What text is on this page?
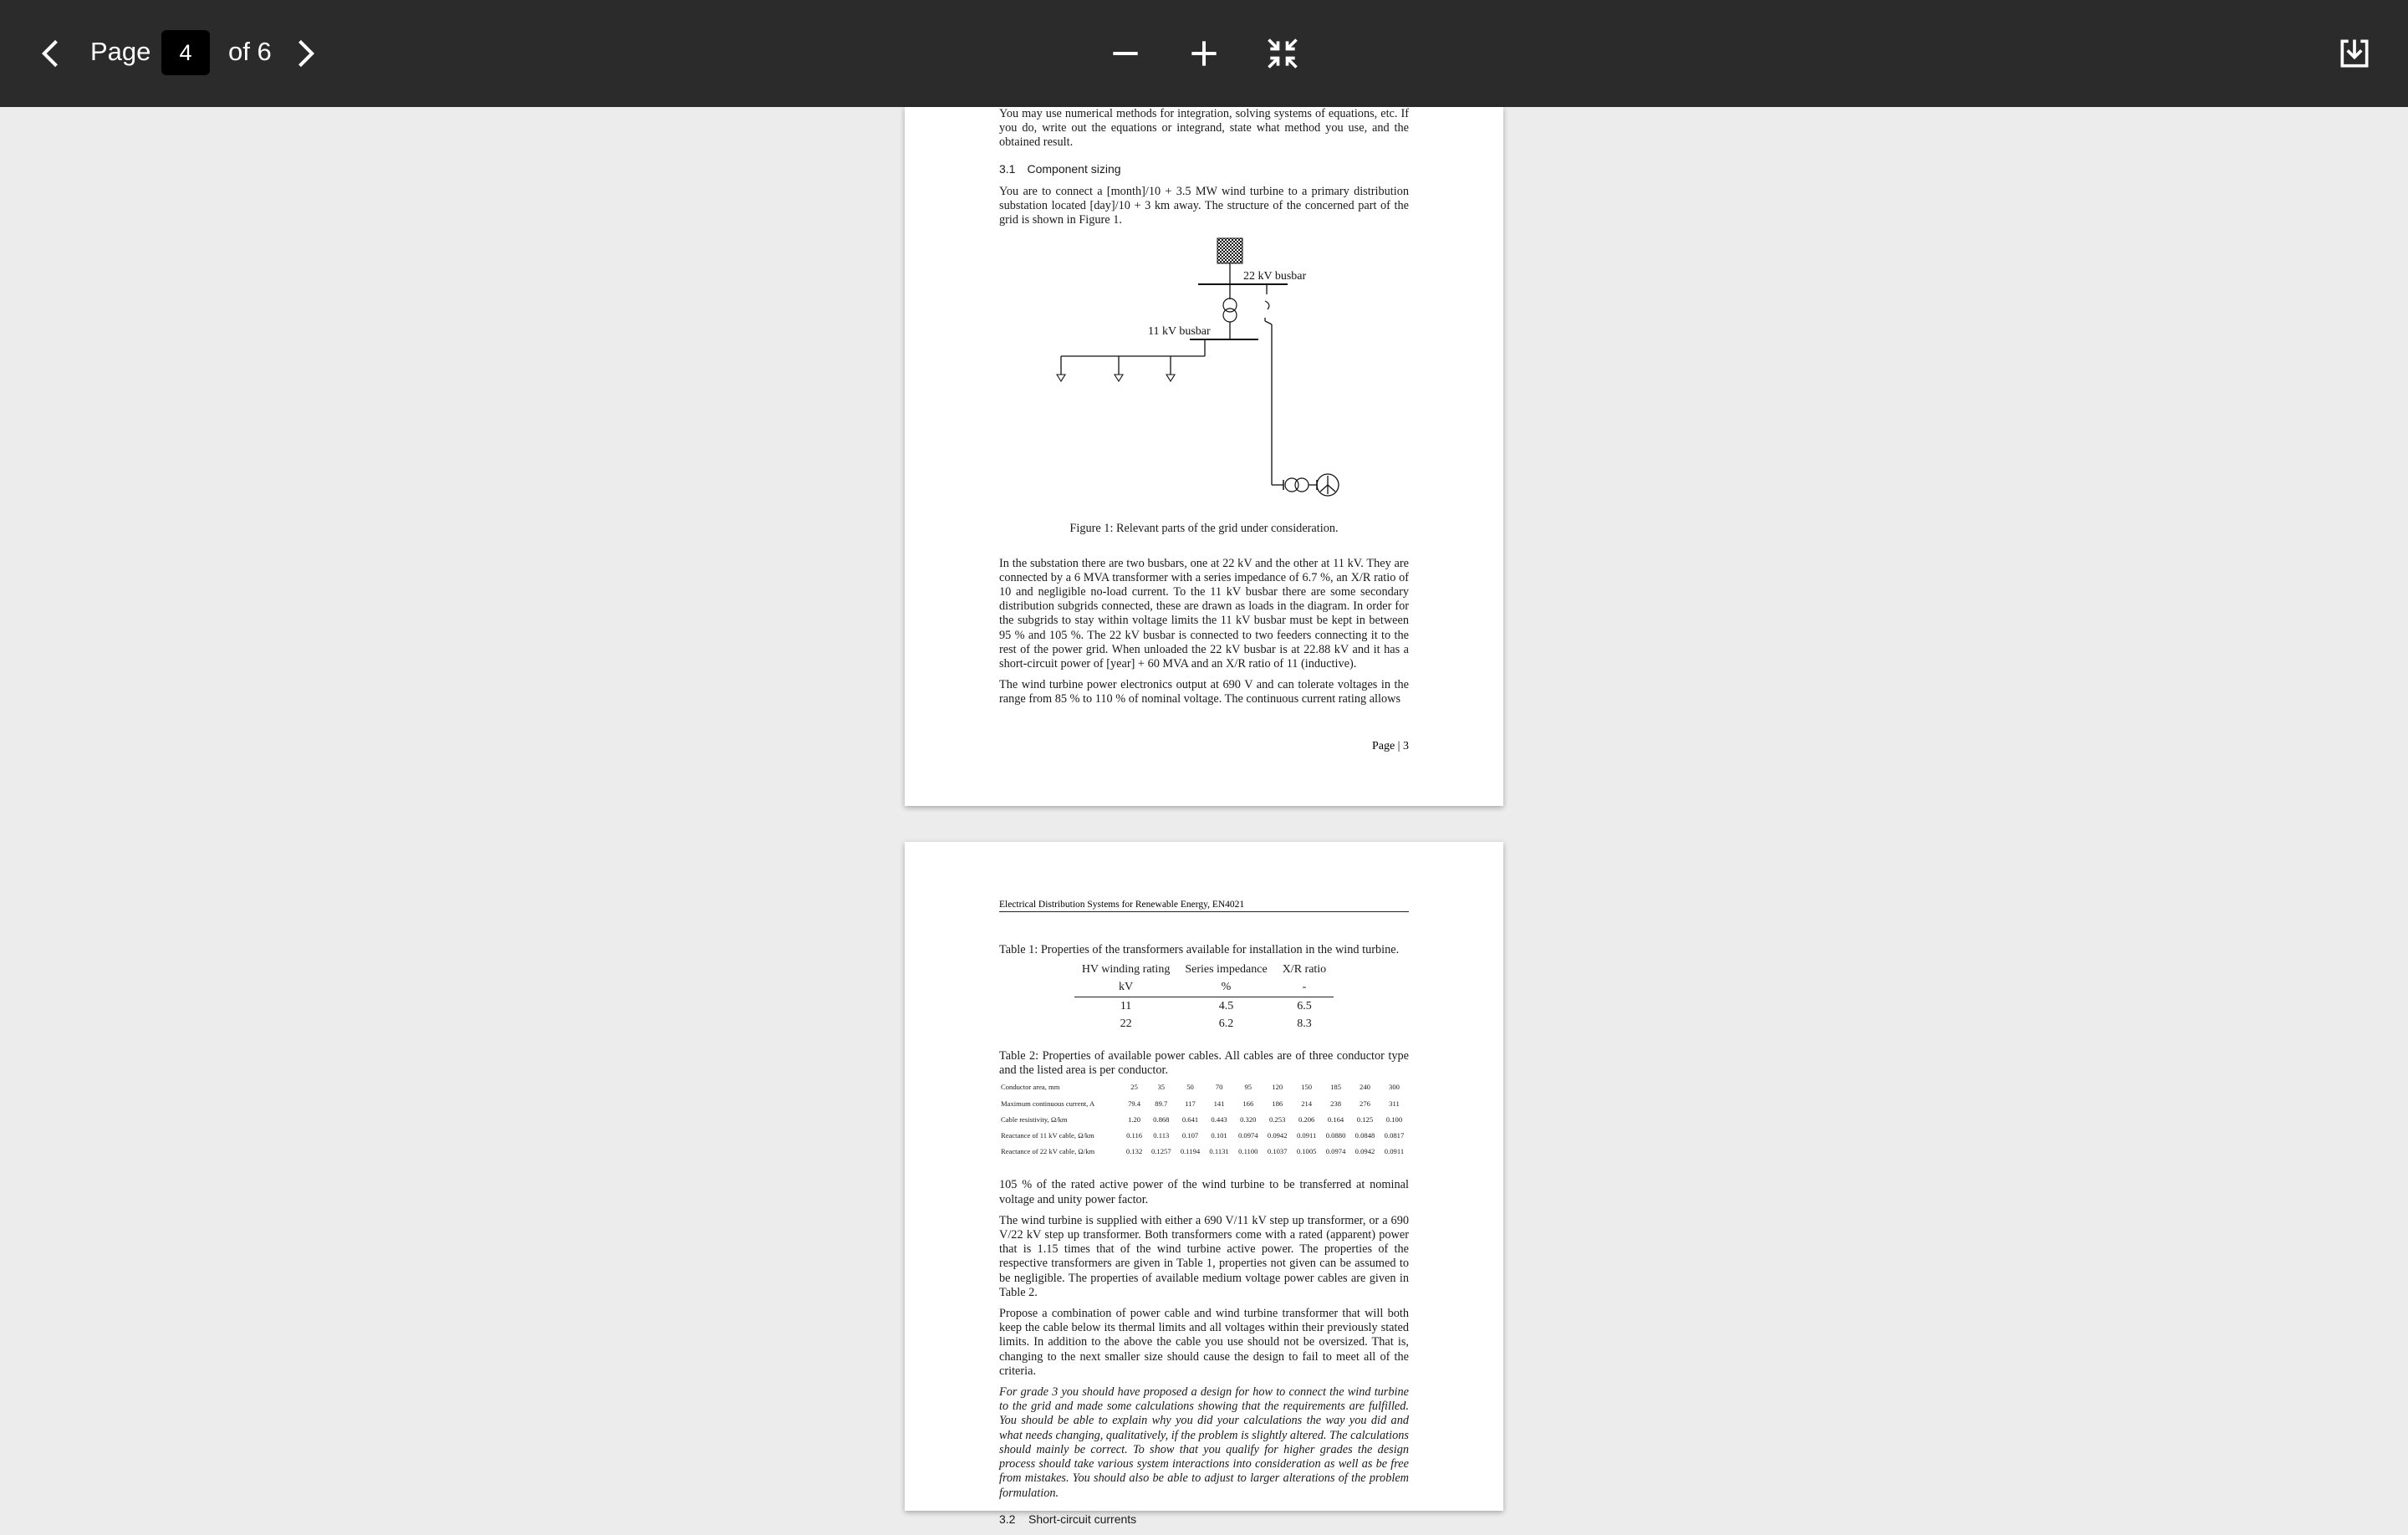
Page
4	of 6

You may use numerical methods for integration, solving systems of equations, etc. If you do, write out the equations or integrand, state what method you use, and the obtained result.

3.1 Component sizing

You are to connect a [month]/10 + 3.5 MW wind turbine to a primary distribution substation located [day]/10 + 3 km away. The structure of the concerned part of the grid is shown in Figure 1.

22 kV busbar
11 kV busbar

Figure 1: Relevant parts of the grid under consideration.

In the substation there are two busbars, one at 22 kV and the other at 11 kV. They are connected by a 6 MVA transformer with a series impedance of 6.7 %, an X/R ratio of 10 and negligible no-load current. To the 11 kV busbar there are some secondary distribution subgrids connected, these are drawn as loads in the diagram. In order for the subgrids to stay within voltage limits the 11 kV busbar must be kept in between 95 % and 105 %. The 22 kV busbar is connected to two feeders connecting it to the rest of the power grid. When unloaded the 22 kV busbar is at 22.88 kV and it has a short-circuit power of [year] + 60 MVA and an X/R ratio of 11 (inductive).

The wind turbine power electronics output at 690 V and can tolerate voltages in the range from 85 % to 110 % of nominal voltage. The continuous current rating allows

Page | 3
Electrical Distribution Systems for Renewable Energy, EN4021

Table 1: Properties of the transformers available for installation in the wind turbine.

HV winding rating	Series impedance	X/R ratio
kV	%	-
11	4.5	6.5
22	6.2	8.3

Table 2: Properties of available power cables. All cables are of three conductor type and the listed area is per conductor.

Conductor area, mm	25	35	50	70	95	120	150	185	240	300
Maximum continuous current, A	79.4	89.7	117	141	166	186	214	238	276	311
Cable resistivity, Ω/km	1.20	0.868	0.641	0.443	0.320	0.253	0.206	0.164	0.125	0.100
Reactance of 11 kV cable, Ω/km	0.116	0.113	0.107	0.101	0.0974	0.0942	0.0911	0.0880	0.0848	0.0817
Reactance of 22 kV cable, Ω/km	0.132	0.1257	0.1194	0.1131	0.1100	0.1037	0.1005	0.0974	0.0942	0.0911

105 % of the rated active power of the wind turbine to be transferred at nominal voltage and unity power factor.

The wind turbine is supplied with either a 690 V/11 kV step up transformer, or a 690 V/22 kV step up transformer. Both transformers come with a rated (apparent) power that is 1.15 times that of the wind turbine active power. The properties of the respective transformers are given in Table 1, properties not given can be assumed to be negligible. The properties of available medium voltage power cables are given in Table 2.

Propose a combination of power cable and wind turbine transformer that will both keep the cable below its thermal limits and all voltages within their previously stated limits. In addition to the above the cable you use should not be oversized. That is, changing to the next smaller size should cause the design to fail to meet all of the criteria.

For grade 3 you should have proposed a design for how to connect the wind turbine to the grid and made some calculations showing that the requirements are fulfilled. You should be able to explain why you did your calculations the way you did and what needs changing, qualitatively, if the problem is slightly altered. The calculations should mainly be correct. To show that you qualify for higher grades the design process should take various system interactions into consideration as well as be free from mistakes. You should also be able to adjust to larger alterations of the problem formulation.

3.2    Short-circuit currents
